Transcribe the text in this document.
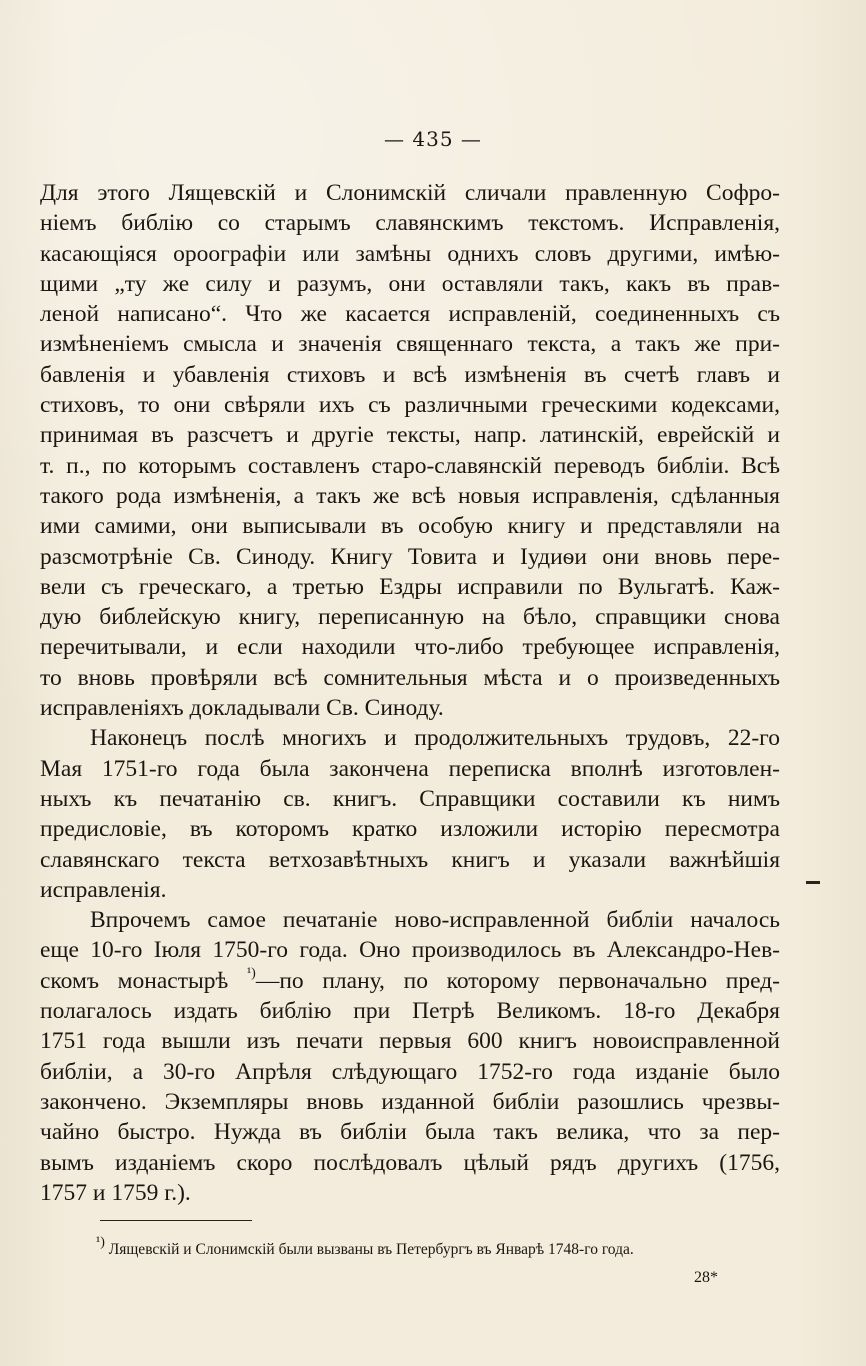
— 435 —
Для этого Лящевскій и Слонимскій сличали правленную Софро-
ніемъ библію со старымъ славянскимъ текстомъ. Исправленія,
касающіяся ороографіи или замѣны однихъ словъ другими, имѣю-
щими „ту же силу и разумъ, они оставляли такъ, какъ въ прав-
леной написано“. Что же касается исправленій, соединенныхъ съ
измѣненіемъ смысла и значенія священнаго текста, а такъ же при-
бавленія и убавленія стиховъ и всѣ измѣненія въ счетѣ главъ и
стиховъ, то они свѣряли ихъ съ различными греческими кодексами,
принимая въ разсчетъ и другіе тексты, напр. латинскій, еврейскій и
т. п., по которымъ составленъ старо-славянскій переводъ библіи. Всѣ
такого рода измѣненія, а такъ же всѣ новыя исправленія, сдѣланныя
ими самими, они выписывали въ особую книгу и представляли на
разсмотрѣніе Св. Синоду. Книгу Товита и Іудиѳи они вновь пере-
вели съ греческаго, а третью Ездры исправили по Вульгатѣ. Каж-
дую библейскую книгу, переписанную на бѣло, справщики снова
перечитывали, и если находили что-либо требующее исправленія,
то вновь провѣряли всѣ сомнительныя мѣста и о произведенныхъ
исправленіяхъ докладывали Св. Синоду.
Наконецъ послѣ многихъ и продолжительныхъ трудовъ, 22-го
Мая 1751-го года была закончена переписка вполнѣ изготовлен-
ныхъ къ печатанію св. книгъ. Справщики составили къ нимъ
предисловіе, въ которомъ кратко изложили исторію пересмотра
славянскаго текста ветхозавѣтныхъ книгъ и указали важнѣйшія
исправленія.
Впрочемъ самое печатаніе ново-исправленной библіи началось
еще 10-го Іюля 1750-го года. Оно производилось въ Александро-Нев-
скомъ монастырѣ $^{^1)}$—по плану, по которому первоначально пред-
полагалось издать библію при Петрѣ Великомъ. 18-го Декабря
1751 года вышли изъ печати первыя 600 книгъ новоисправленной
библіи, а 30-го Апрѣля слѣдующаго 1752-го года изданіе было
закончено. Экземпляры вновь изданной библіи разошлись чрезвы-
чайно быстро. Нужда въ библіи была такъ велика, что за пер-
вымъ изданіемъ скоро послѣдовалъ цѣлый рядъ другихъ (1756,
1757 и 1759 г.).
$^{^1)}$ Лящевскій и Слонимскій были вызваны въ Петербургъ въ Январѣ 1748-го года.
28*
